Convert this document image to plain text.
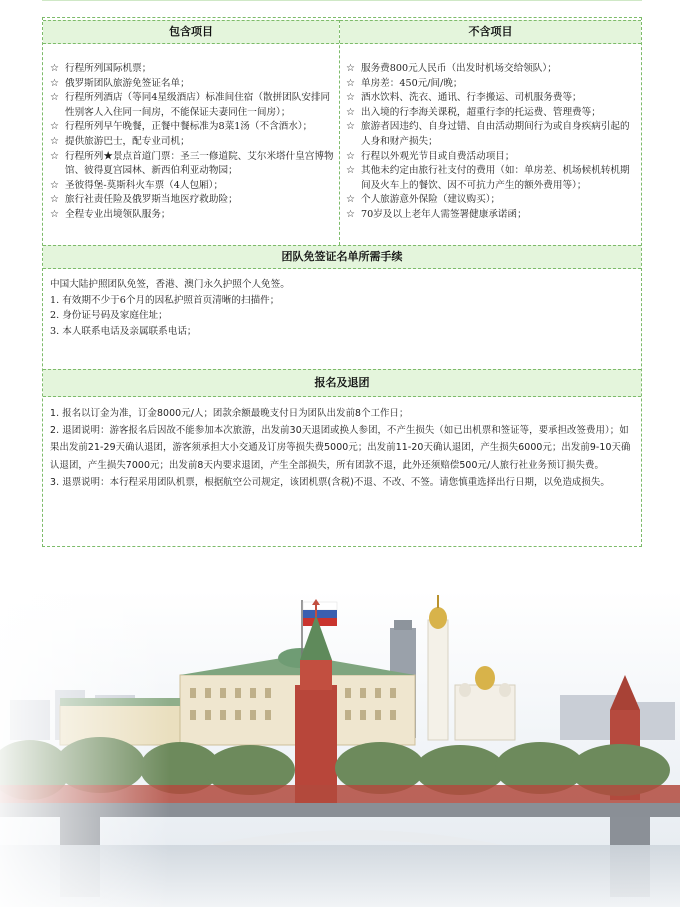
包含项目	不含项目
☆ 行程所列国际机票；
☆ 俄罗斯团队旅游免签证名单；
☆ 行程所列酒店（等同4星级酒店）标准间住宿（散拼团队安排同性别客人入住同一间房，不能保证夫妻同住一间房）；
☆ 行程所列早午晚餐，正餐中餐标准为8菜1汤（不含酒水）；
☆ 提供旅游巴士，配专业司机；
☆ 行程所列★景点首道门票：圣三一修道院、艾尔米塔什皇宫博物馆、彼得夏宫园林、新西伯利亚动物园；
☆ 圣彼得堡-莫斯科火车票（4人包厢）；
☆ 旅行社责任险及俄罗斯当地医疗救助险；
☆ 全程专业出境领队服务；
☆ 服务费800元人民币（出发时机场交给领队）；
☆ 单房差：450元/间/晚；
☆ 酒水饮料、洗衣、通讯、行李搬运、司机服务费等；
☆ 出入境的行李海关课税，超重行李的托运费、管理费等；
☆ 旅游者因违约、自身过错、自由活动期间行为或自身疾病引起的人身和财产损失；
☆ 行程以外观光节目或自费活动项目；
☆ 其他未约定由旅行社支付的费用（如：单房差、机场候机转机期间及火车上的餐饮、因不可抗力产生的额外费用等）；
☆ 个人旅游意外保险（建议购买）；
☆ 70岁及以上老年人需签署健康承诺函；
团队免签证名单所需手续
中国大陆护照团队免签，香港、澳门永久护照个人免签。
1. 有效期不少于6个月的因私护照首页清晰的扫描件；
2. 身份证号码及家庭住址；
3. 本人联系电话及亲属联系电话；
报名及退团
1. 报名以订金为准，订金8000元/人；团款余额最晚支付日为团队出发前8个工作日；
2. 退团说明：游客报名后因故不能参加本次旅游，出发前30天退团或换人参团，不产生损失（如已出机票和签证等，要承担改签费用）；如果出发前21-29天确认退团，游客须承担大小交通及订房等损失费5000元；出发前11-20天确认退团，产生损失6000元；出发前9-10天确认退团，产生损失7000元；出发前8天内要求退团，产生全部损失，所有团款不退，此外还须赔偿500元/人旅行社业务预订损失费。
3. 退票说明：本行程采用团队机票，根据航空公司规定，该团机票(含税)不退、不改、不签。请您慎重选择出行日期，以免造成损失。
